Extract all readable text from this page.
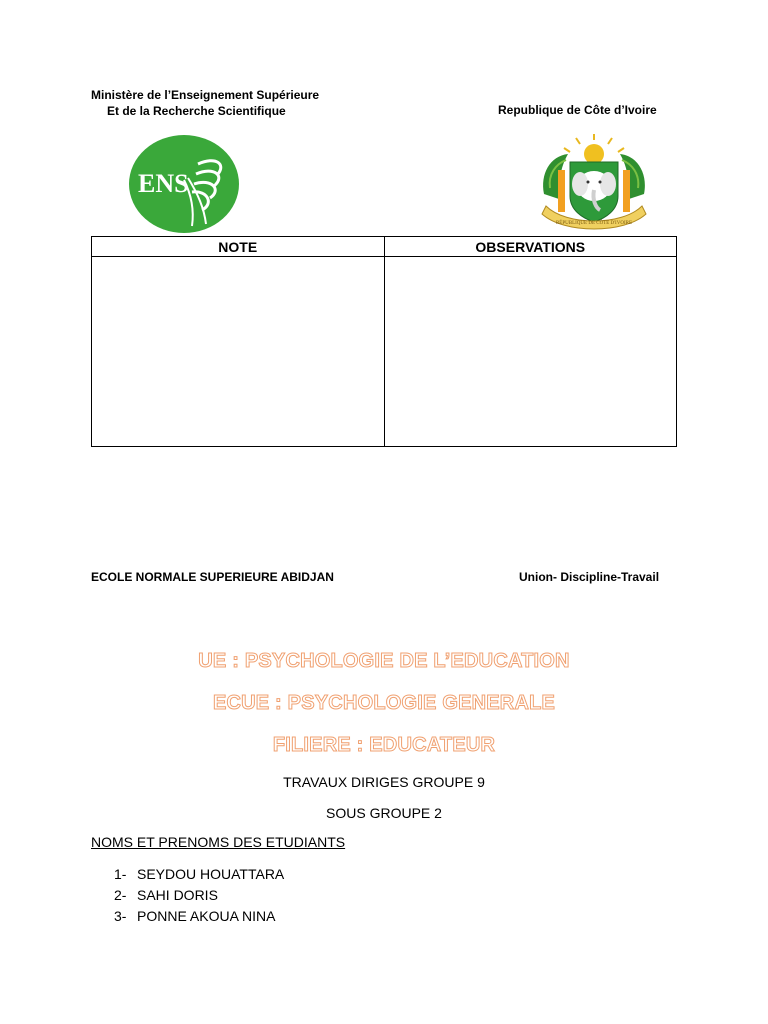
Ministère de l’Enseignement Supérieure
Et de la Recherche Scientifique	Republique de Côte d’Ivoire
ENS
RÉPUBLIQUE DE CÔTE D'IVOIRE
NOTE	OBSERVATIONS

ECOLE NORMALE SUPERIEURE ABIDJAN	Union- Discipline-Travail
UE : PSYCHOLOGIE DE L’EDUCATION
ECUE : PSYCHOLOGIE GENERALE
FILIERE : EDUCATEUR
TRAVAUX DIRIGES GROUPE 9
SOUS GROUPE 2
NOMS ET PRENOMS DES ETUDIANTS
1- SEYDOU HOUATTARA
2- SAHI DORIS
3- PONNE AKOUA NINA
